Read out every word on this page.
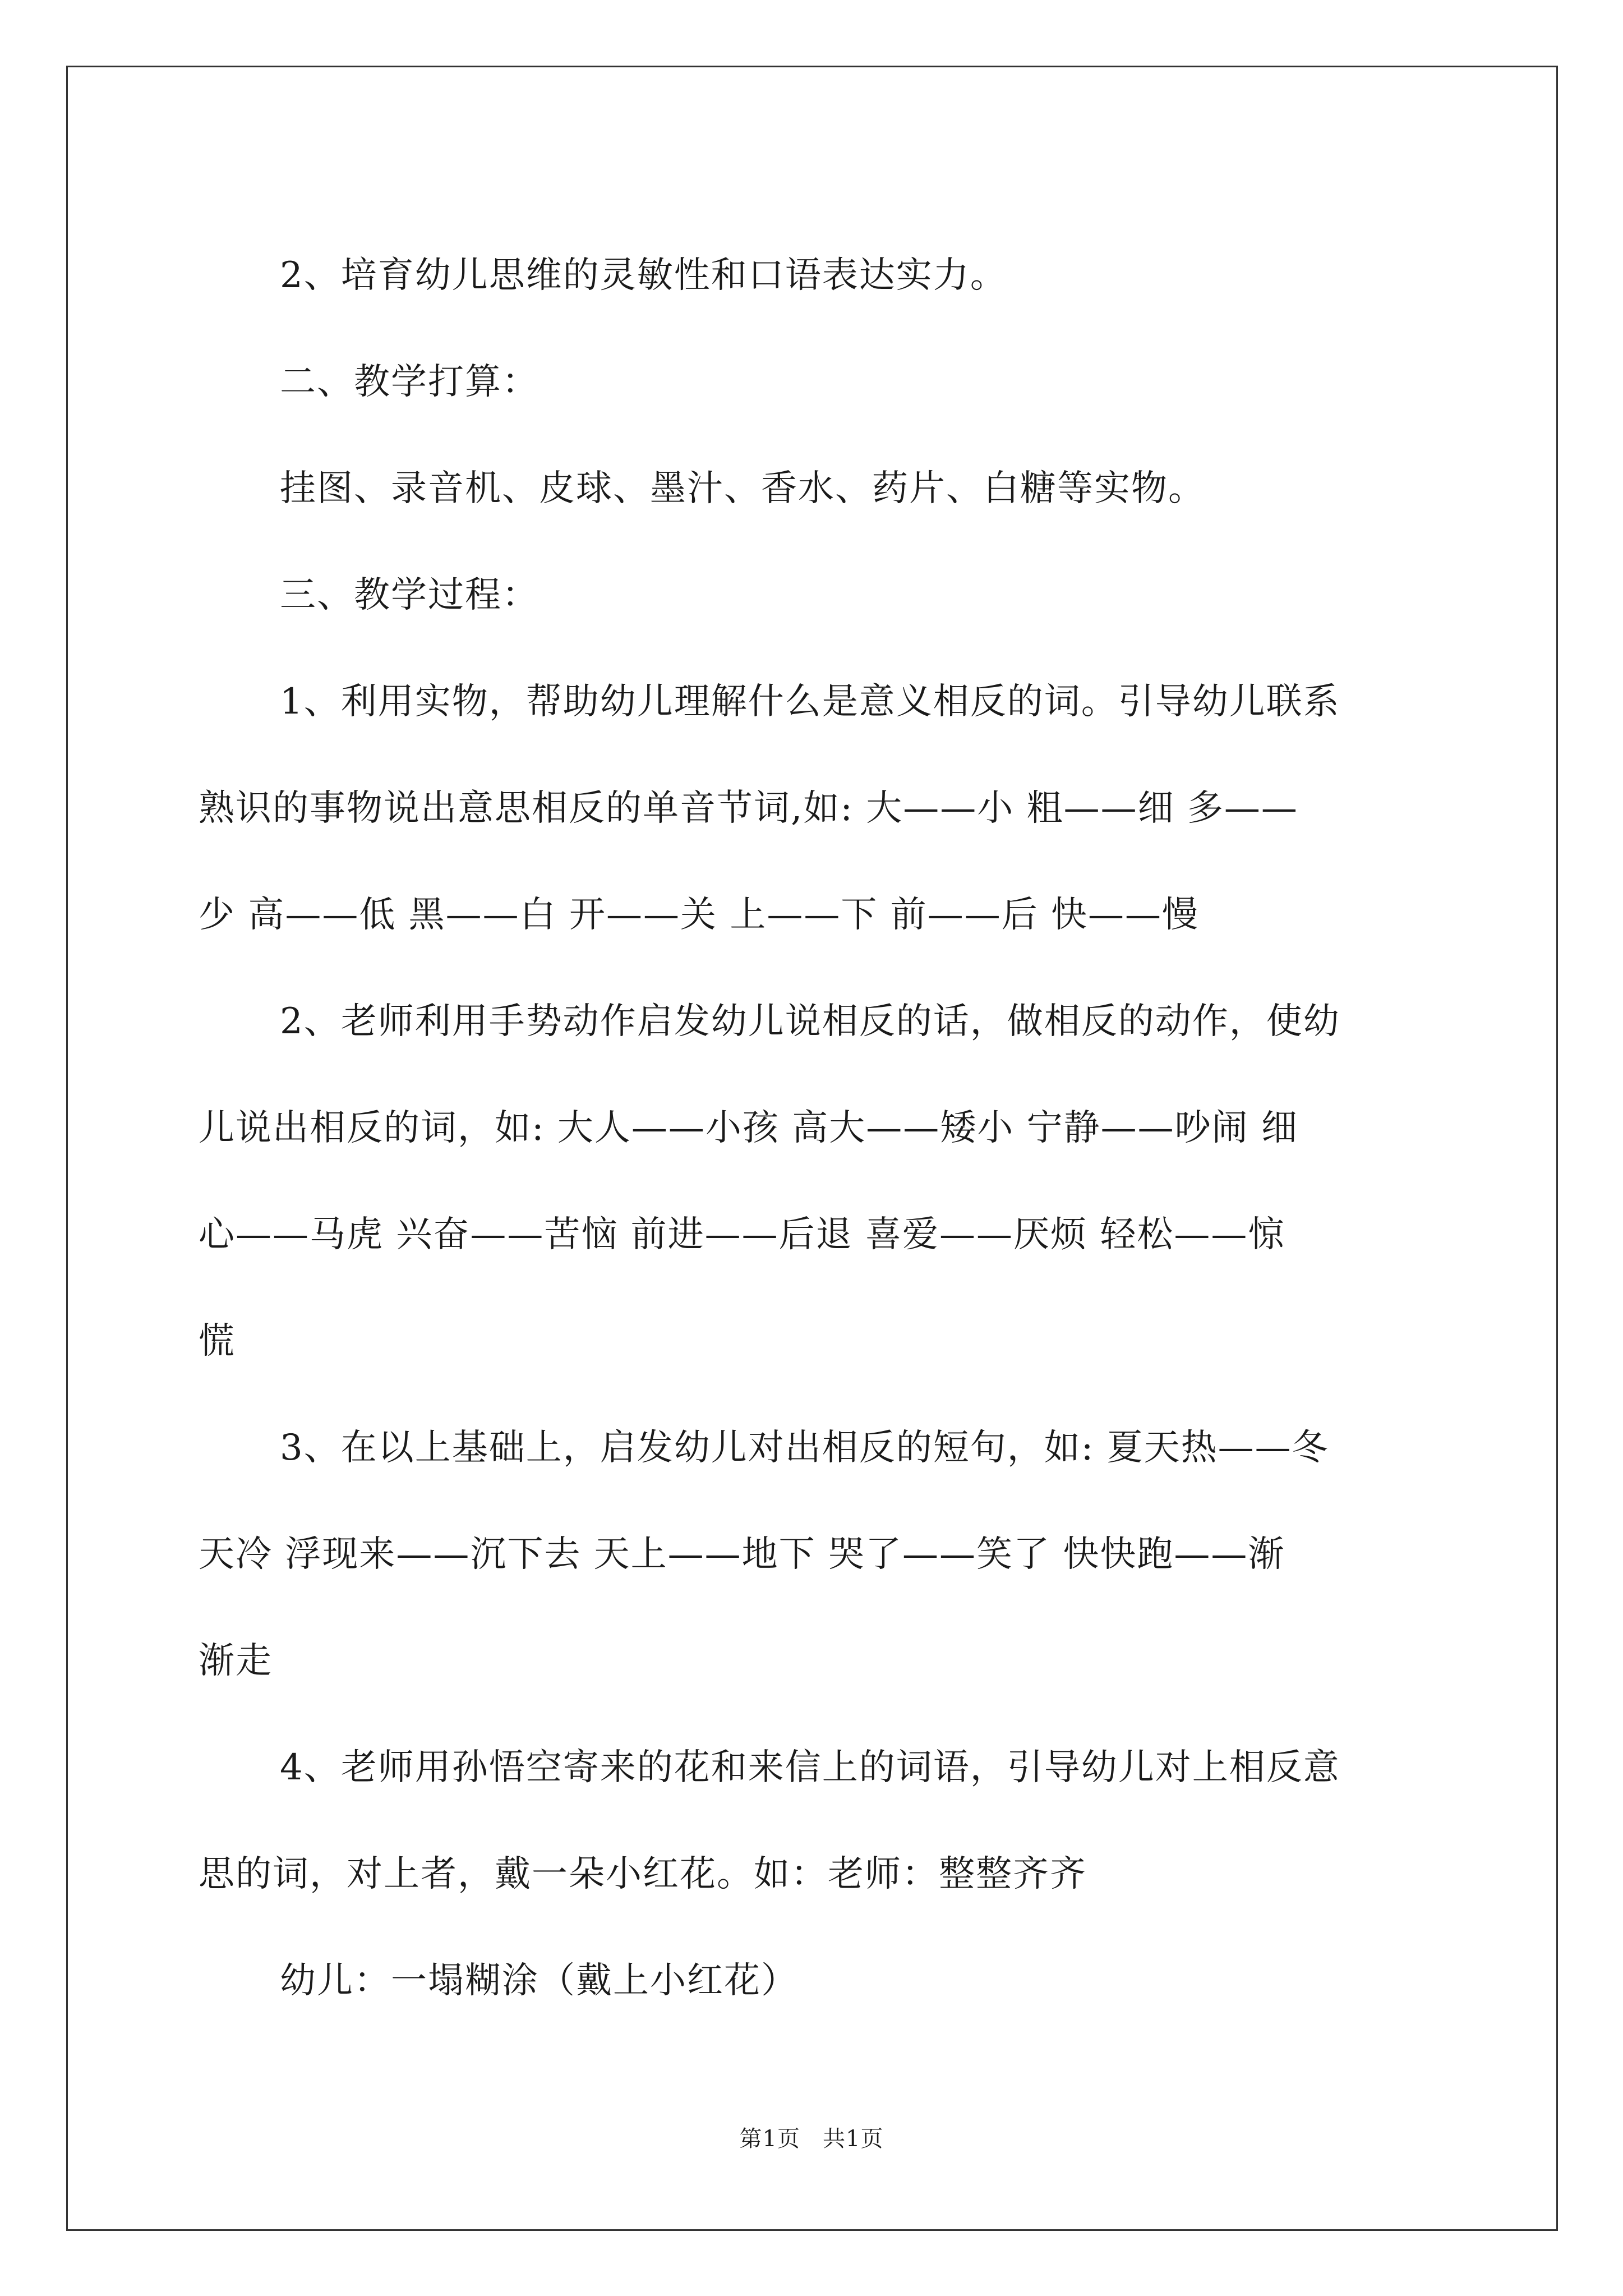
2、培育幼儿思维的灵敏性和口语表达实力。

二、教学打算：

挂图、录音机、皮球、墨汁、香水、药片、白糖等实物。

三、教学过程：

1、利用实物，帮助幼儿理解什么是意义相反的词。引导幼儿联系

熟识的事物说出意思相反的单音节词,如: 大——小 粗——细 多——

少 高——低 黑——白 开——关 上——下 前——后 快——慢

2、老师利用手势动作启发幼儿说相反的话，做相反的动作，使幼

儿说出相反的词，如: 大人——小孩 高大——矮小 宁静——吵闹 细

心——马虎 兴奋——苦恼 前进——后退 喜爱——厌烦 轻松——惊

慌

3、在以上基础上，启发幼儿对出相反的短句，如: 夏天热——冬

天冷 浮现来——沉下去 天上——地下 哭了——笑了 快快跑——渐

渐走

4、老师用孙悟空寄来的花和来信上的词语，引导幼儿对上相反意

思的词，对上者，戴一朵小红花。如：老师：整整齐齐

幼儿：一塌糊涂（戴上小红花）

第1页 共1页
